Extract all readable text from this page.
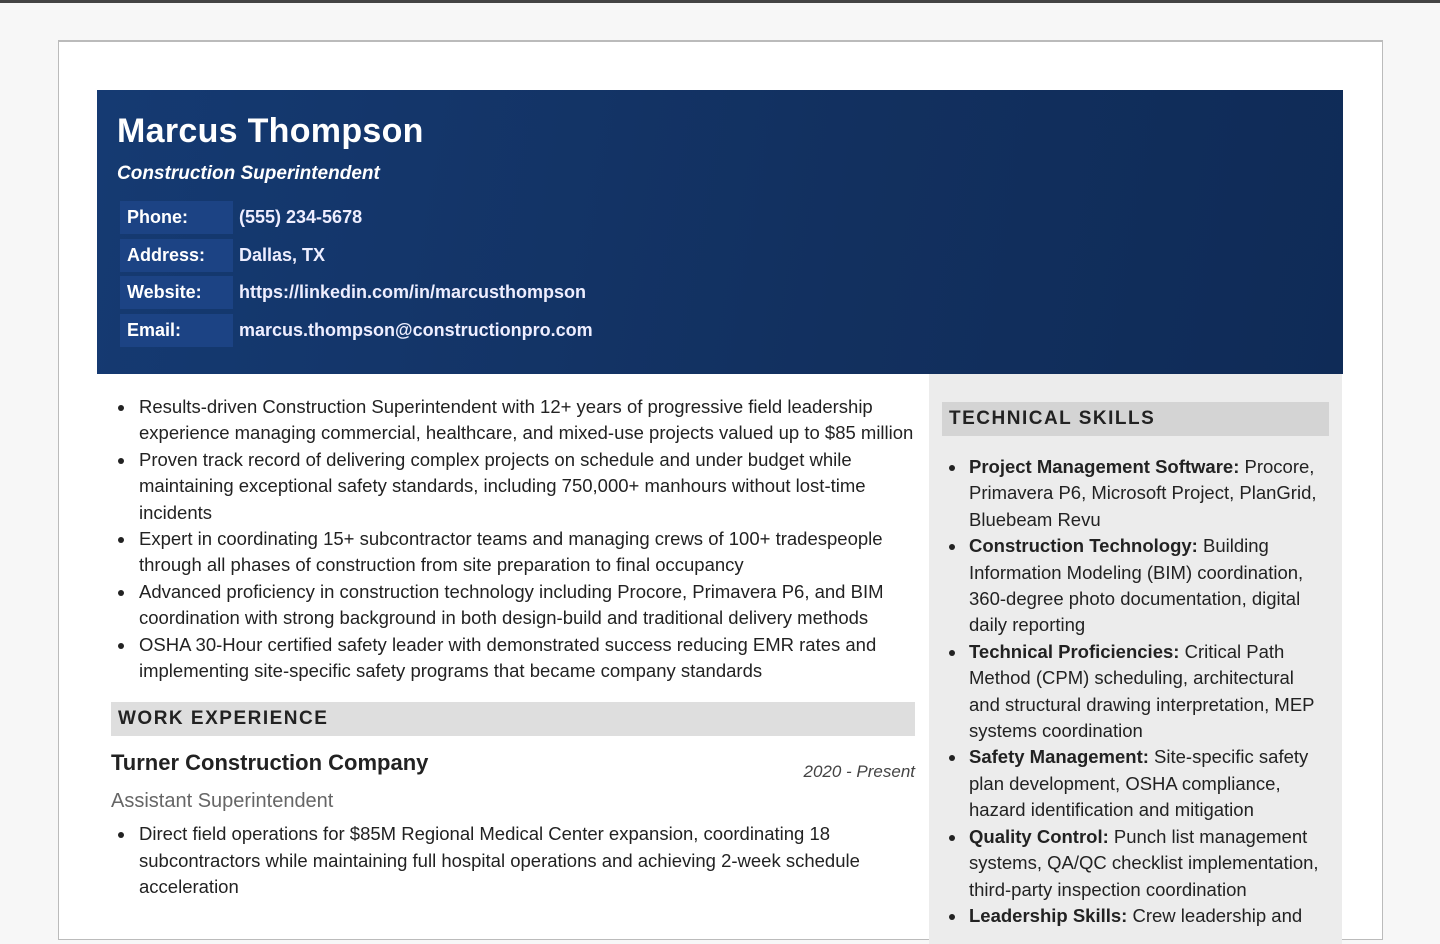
Marcus Thompson
Construction Superintendent
Phone:	(555) 234-5678
Address:	Dallas, TX
Website:	https://linkedin.com/in/marcusthompson
Email:	marcus.thompson@constructionpro.com
Results-driven Construction Superintendent with 12+ years of progressive field leadership experience managing commercial, healthcare, and mixed-use projects valued up to $85 million
Proven track record of delivering complex projects on schedule and under budget while maintaining exceptional safety standards, including 750,000+ manhours without lost-time incidents
Expert in coordinating 15+ subcontractor teams and managing crews of 100+ tradespeople through all phases of construction from site preparation to final occupancy
Advanced proficiency in construction technology including Procore, Primavera P6, and BIM coordination with strong background in both design-build and traditional delivery methods
OSHA 30-Hour certified safety leader with demonstrated success reducing EMR rates and implementing site-specific safety programs that became company standards
WORK EXPERIENCE
Turner Construction Company	2020 - Present
Assistant Superintendent
Direct field operations for $85M Regional Medical Center expansion, coordinating 18 subcontractors while maintaining full hospital operations and achieving 2-week schedule acceleration
TECHNICAL SKILLS
Project Management Software: Procore, Primavera P6, Microsoft Project, PlanGrid, Bluebeam Revu
Construction Technology: Building Information Modeling (BIM) coordination, 360-degree photo documentation, digital daily reporting
Technical Proficiencies: Critical Path Method (CPM) scheduling, architectural and structural drawing interpretation, MEP systems coordination
Safety Management: Site-specific safety plan development, OSHA compliance, hazard identification and mitigation
Quality Control: Punch list management systems, QA/QC checklist implementation, third-party inspection coordination
Leadership Skills: Crew leadership and
